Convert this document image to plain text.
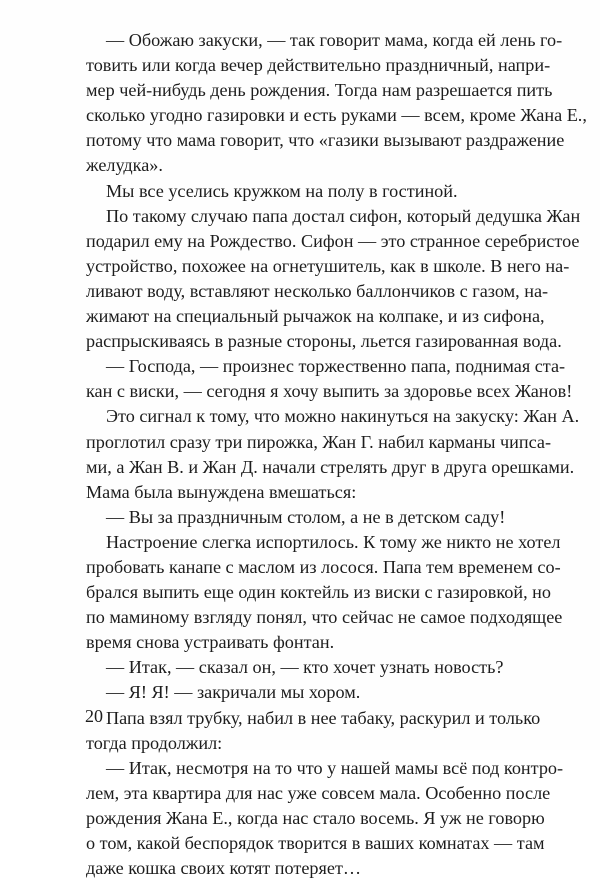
— Обожаю закуски, — так говорит мама, когда ей лень го-
товить или когда вечер действительно праздничный, напри-
мер чей-нибудь день рождения. Тогда нам разрешается пить
сколько угодно газировки и есть руками — всем, кроме Жана Е.,
потому что мама говорит, что «газики вызывают раздражение
желудка».
Мы все уселись кружком на полу в гостиной.
По такому случаю папа достал сифон, который дедушка Жан
подарил ему на Рождество. Сифон — это странное серебристое
устройство, похожее на огнетушитель, как в школе. В него на-
ливают воду, вставляют несколько баллончиков с газом, на-
жимают на специальный рычажок на колпаке, и из сифона,
распрыскиваясь в разные стороны, льется газированная вода.
— Господа, — произнес торжественно папа, поднимая ста-
кан с виски, — сегодня я хочу выпить за здоровье всех Жанов!
Это сигнал к тому, что можно накинуться на закуску: Жан А.
проглотил сразу три пирожка, Жан Г. набил карманы чипса-
ми, а Жан В. и Жан Д. начали стрелять друг в друга орешками.
Мама была вынуждена вмешаться:
— Вы за праздничным столом, а не в детском саду!
Настроение слегка испортилось. К тому же никто не хотел
пробовать канапе с маслом из лосося. Папа тем временем со-
брался выпить еще один коктейль из виски с газировкой, но
по маминому взгляду понял, что сейчас не самое подходящее
время снова устраивать фонтан.
— Итак, — сказал он, — кто хочет узнать новость?
— Я! Я! — закричали мы хором.
Папа взял трубку, набил в нее табаку, раскурил и только
тогда продолжил:
— Итак, несмотря на то что у нашей мамы всё под контро-
лем, эта квартира для нас уже совсем мала. Особенно после
рождения Жана Е., когда нас стало восемь. Я уж не говорю
о том, какой беспорядок творится в ваших комнатах — там
даже кошка своих котят потеряет…
20
